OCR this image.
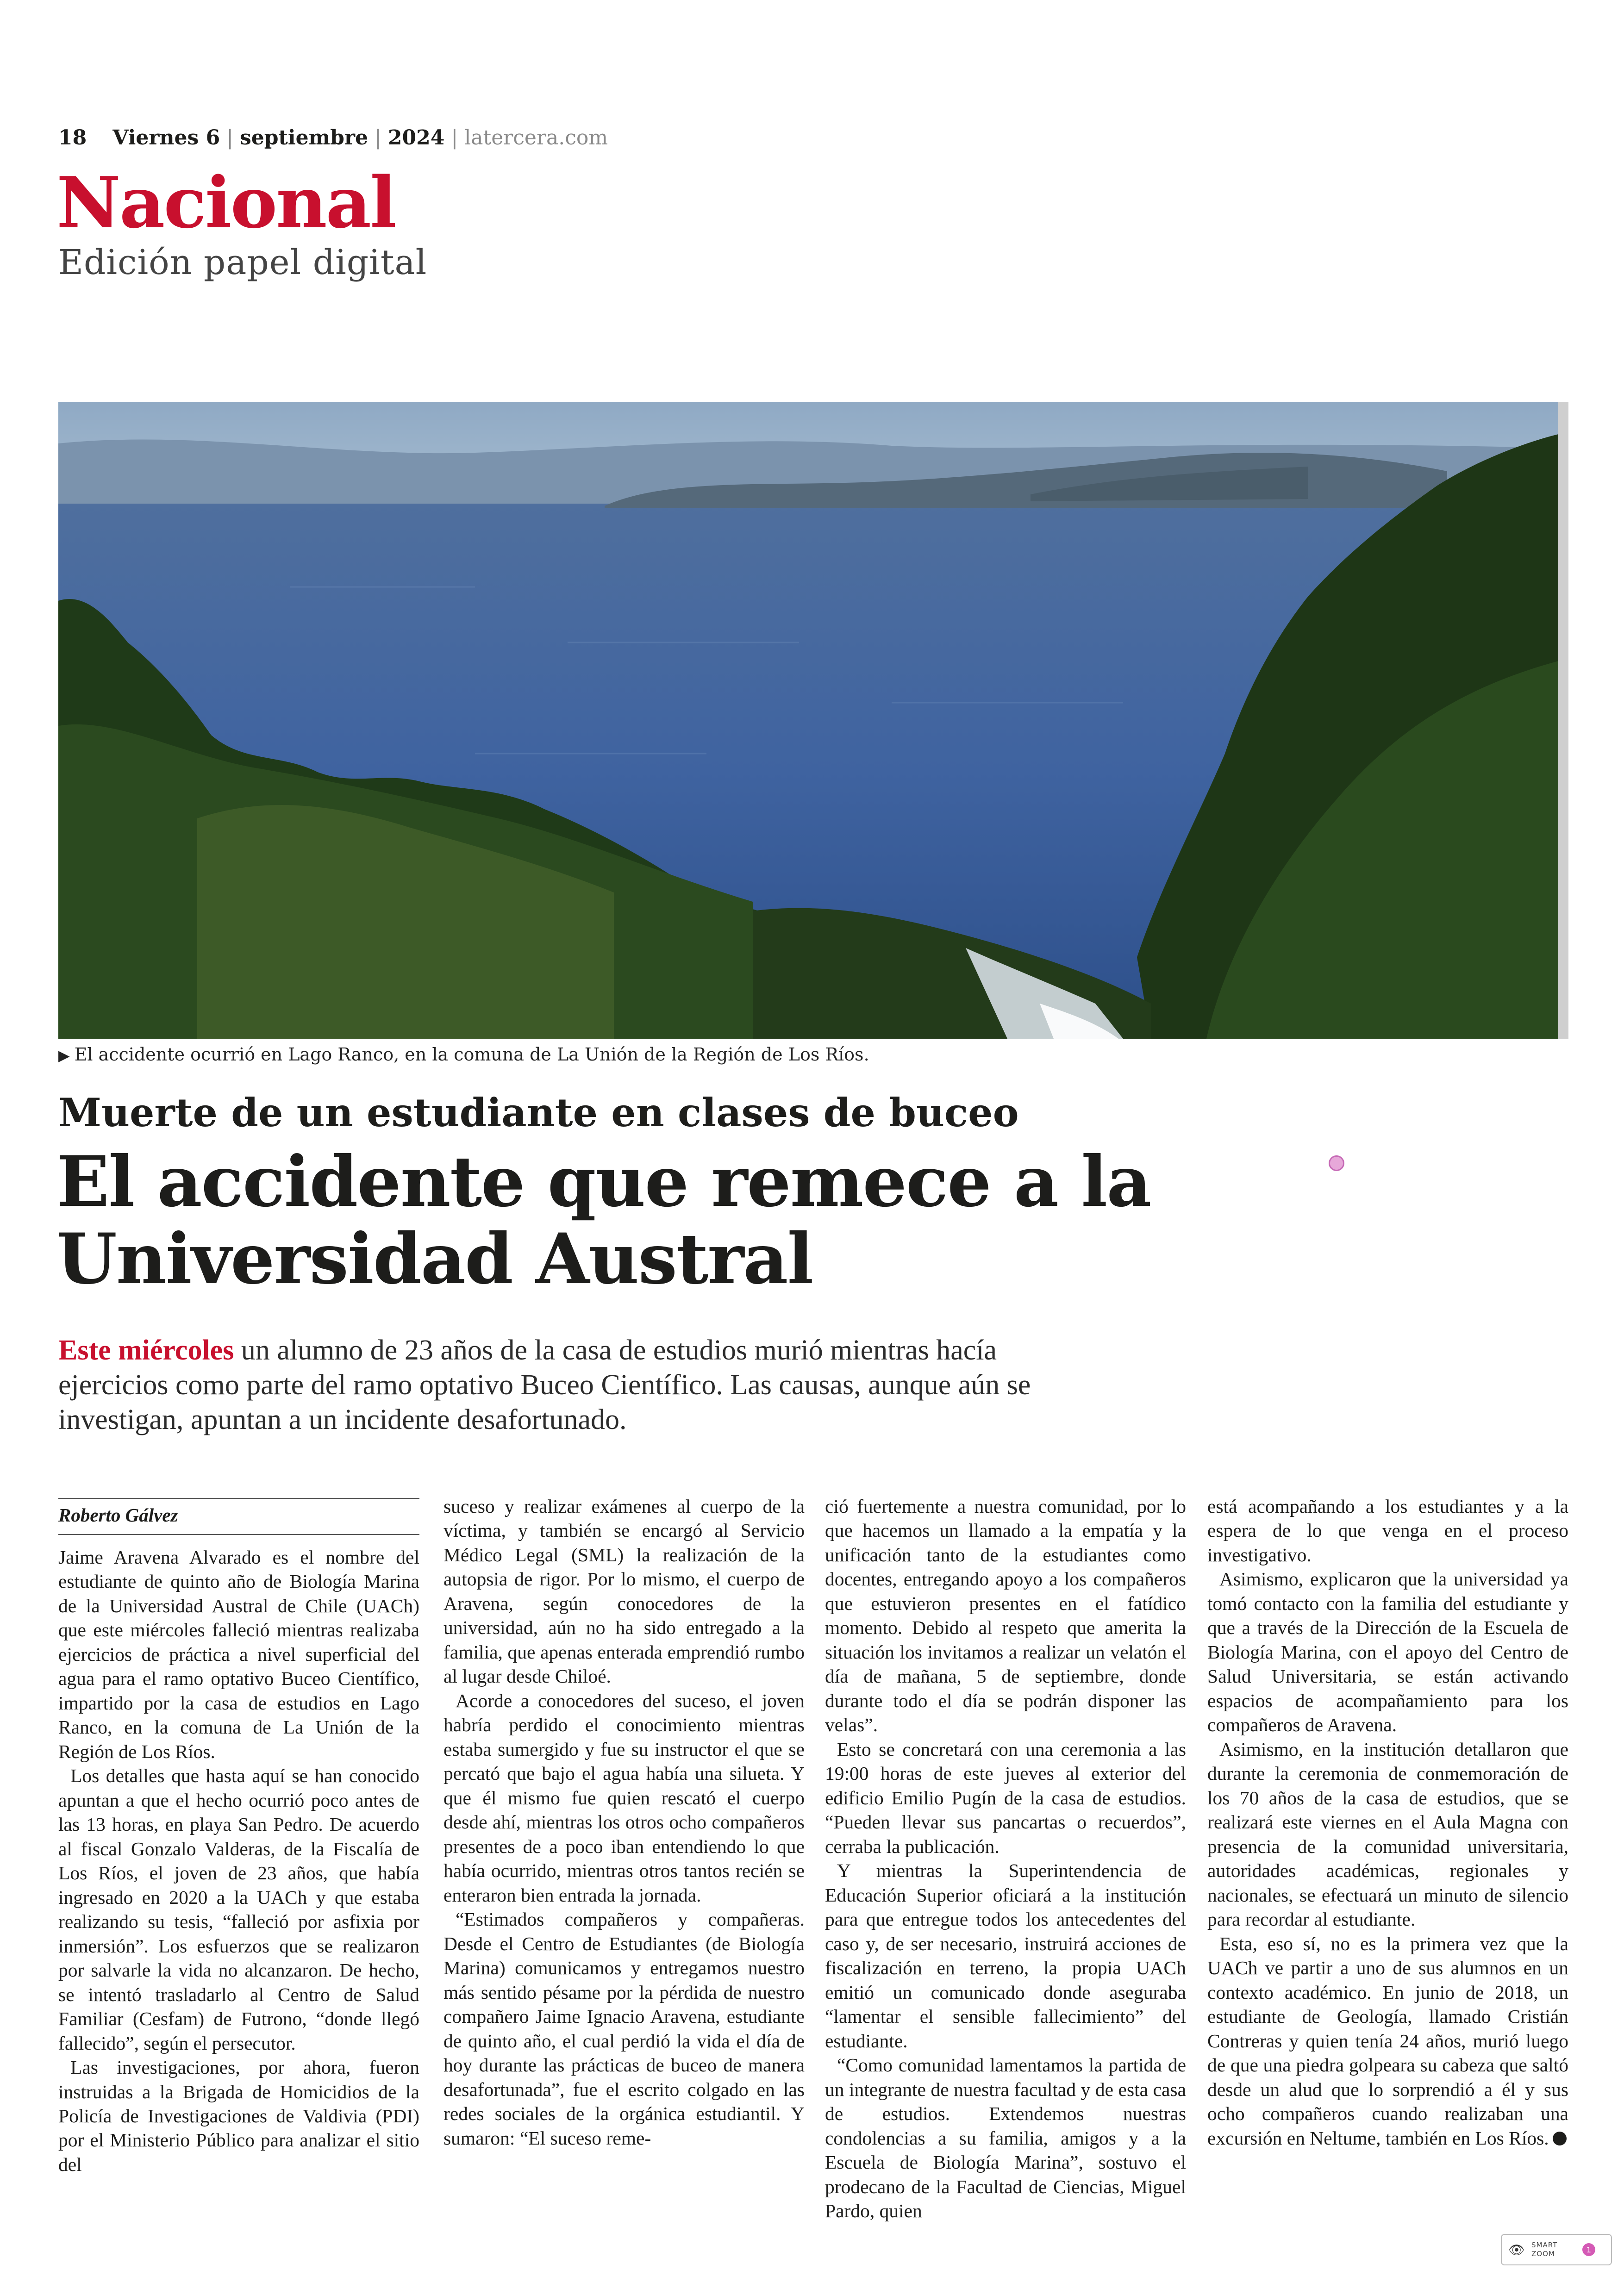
18 Viernes 6 | septiembre | 2024 | latercera.com
Nacional
Edición papel digital
▶ El accidente ocurrió en Lago Ranco, en la comuna de La Unión de la Región de Los Ríos.
Muerte de un estudiante en clases de buceo
El accidente que remece a la Universidad Austral

Este miércoles un alumno de 23 años de la casa de estudios murió mientras hacía ejercicios como parte del ramo optativo Buceo Científico. Las causas, aunque aún se investigan, apuntan a un incidente desafortunado.

Roberto Gálvez

Jaime Aravena Alvarado es el nombre del estudiante de quinto año de Biología Marina de la Universidad Austral de Chile (UACh) que este miércoles falleció mientras realizaba ejercicios de práctica a nivel superficial del agua para el ramo optativo Buceo Científico, impartido por la casa de estudios en Lago Ranco, en la comuna de La Unión de la Región de Los Ríos.

Los detalles que hasta aquí se han conocido apuntan a que el hecho ocurrió poco antes de las 13 horas, en playa San Pedro. De acuerdo al fiscal Gonzalo Valderas, de la Fiscalía de Los Ríos, el joven de 23 años, que había ingresado en 2020 a la UACh y que estaba realizando su tesis, “falleció por asfixia por inmersión”. Los esfuerzos que se realizaron por salvarle la vida no alcanzaron. De hecho, se intentó trasladarlo al Centro de Salud Familiar (Cesfam) de Futrono, “donde llegó fallecido”, según el persecutor.

Las investigaciones, por ahora, fueron instruidas a la Brigada de Homicidios de la Policía de Investigaciones de Valdivia (PDI) por el Ministerio Público para analizar el sitio del

suceso y realizar exámenes al cuerpo de la víctima, y también se encargó al Servicio Médico Legal (SML) la realización de la autopsia de rigor. Por lo mismo, el cuerpo de Aravena, según conocedores de la universidad, aún no ha sido entregado a la familia, que apenas enterada emprendió rumbo al lugar desde Chiloé.

Acorde a conocedores del suceso, el joven habría perdido el conocimiento mientras estaba sumergido y fue su instructor el que se percató que bajo el agua había una silueta. Y que él mismo fue quien rescató el cuerpo desde ahí, mientras los otros ocho compañeros presentes de a poco iban entendiendo lo que había ocurrido, mientras otros tantos recién se enteraron bien entrada la jornada.

“Estimados compañeros y compañeras. Desde el Centro de Estudiantes (de Biología Marina) comunicamos y entregamos nuestro más sentido pésame por la pérdida de nuestro compañero Jaime Ignacio Aravena, estudiante de quinto año, el cual perdió la vida el día de hoy durante las prácticas de buceo de manera desafortunada”, fue el escrito colgado en las redes sociales de la orgánica estudiantil. Y sumaron: “El suceso reme-

ció fuertemente a nuestra comunidad, por lo que hacemos un llamado a la empatía y la unificación tanto de la estudiantes como docentes, entregando apoyo a los compañeros que estuvieron presentes en el fatídico momento. Debido al respeto que amerita la situación los invitamos a realizar un velatón el día de mañana, 5 de septiembre, donde durante todo el día se podrán disponer las velas”.

Esto se concretará con una ceremonia a las 19:00 horas de este jueves al exterior del edificio Emilio Pugín de la casa de estudios. “Pueden llevar sus pancartas o recuerdos”, cerraba la publicación.

Y mientras la Superintendencia de Educación Superior oficiará a la institución para que entregue todos los antecedentes del caso y, de ser necesario, instruirá acciones de fiscalización en terreno, la propia UACh emitió un comunicado donde aseguraba “lamentar el sensible fallecimiento” del estudiante.

“Como comunidad lamentamos la partida de un integrante de nuestra facultad y de esta casa de estudios. Extendemos nuestras condolencias a su familia, amigos y a la Escuela de Biología Marina”, sostuvo el prodecano de la Facultad de Ciencias, Miguel Pardo, quien

está acompañando a los estudiantes y a la espera de lo que venga en el proceso investigativo.

Asimismo, explicaron que la universidad ya tomó contacto con la familia del estudiante y que a través de la Dirección de la Escuela de Biología Marina, con el apoyo del Centro de Salud Universitaria, se están activando espacios de acompañamiento para los compañeros de Aravena.

Asimismo, en la institución detallaron que durante la ceremonia de conmemoración de los 70 años de la casa de estudios, que se realizará este viernes en el Aula Magna con presencia de la comunidad universitaria, autoridades académicas, regionales y nacionales, se efectuará un minuto de silencio para recordar al estudiante.

Esta, eso sí, no es la primera vez que la UACh ve partir a uno de sus alumnos en un contexto académico. En junio de 2018, un estudiante de Geología, llamado Cristián Contreras y quien tenía 24 años, murió luego de que una piedra golpeara su cabeza que saltó desde un alud que lo sorprendió a él y sus ocho compañeros cuando realizaban una excursión en Neltume, también en Los Ríos.

👁 SMART
ZOOM	1
